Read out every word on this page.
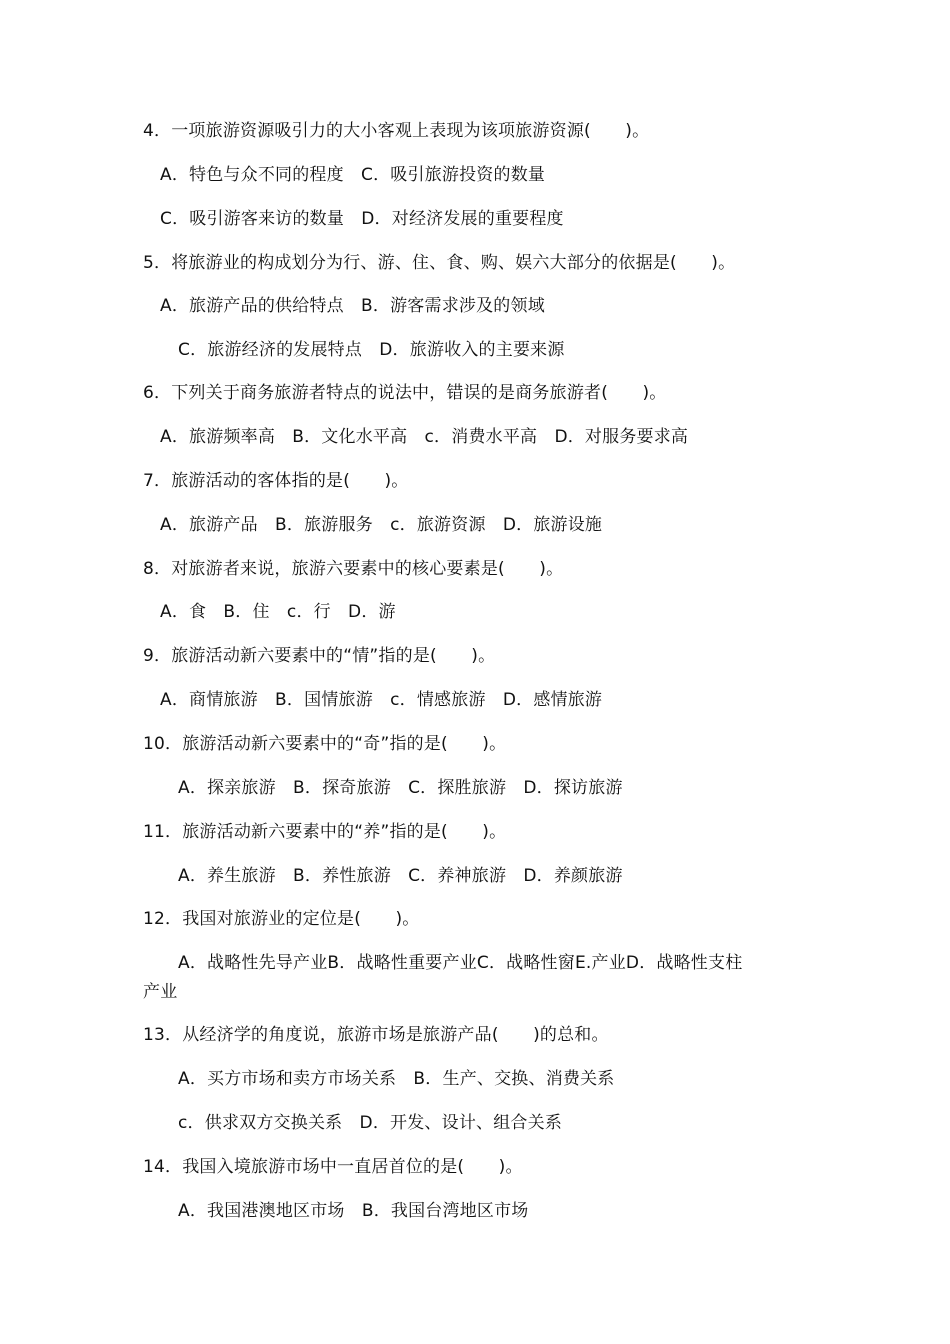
4．一项旅游资源吸引力的大小客观上表现为该项旅游资源(　　)。
A．特色与众不同的程度　C．吸引旅游投资的数量
C．吸引游客来访的数量　D．对经济发展的重要程度
5．将旅游业的构成划分为行、游、住、食、购、娱六大部分的依据是(　　)。
A．旅游产品的供给特点　B．游客需求涉及的领域
C．旅游经济的发展特点　D．旅游收入的主要来源
6．下列关于商务旅游者特点的说法中，错误的是商务旅游者(　　)。
A．旅游频率高　B．文化水平高　c．消费水平高　D．对服务要求高
7．旅游活动的客体指的是(　　)。
A．旅游产品　B．旅游服务　c．旅游资源　D．旅游设施
8．对旅游者来说，旅游六要素中的核心要素是(　　)。
A．食　B．住　c．行　D．游
9．旅游活动新六要素中的“情”指的是(　　)。
A．商情旅游　B．国情旅游　c．情感旅游　D．感情旅游
10．旅游活动新六要素中的“奇”指的是(　　)。
A．探亲旅游　B．探奇旅游　C．探胜旅游　D．探访旅游
11．旅游活动新六要素中的“养”指的是(　　)。
A．养生旅游　B．养性旅游　C．养神旅游　D．养颜旅游
12．我国对旅游业的定位是(　　)。
A．战略性先导产业B．战略性重要产业C．战略性窗E.产业D．战略性支柱
产业
13．从经济学的角度说，旅游市场是旅游产品(　　)的总和。
A．买方市场和卖方市场关系　B．生产、交换、消费关系
c．供求双方交换关系　D．开发、设计、组合关系
14．我国入境旅游市场中一直居首位的是(　　)。
A．我国港澳地区市场　B．我国台湾地区市场
